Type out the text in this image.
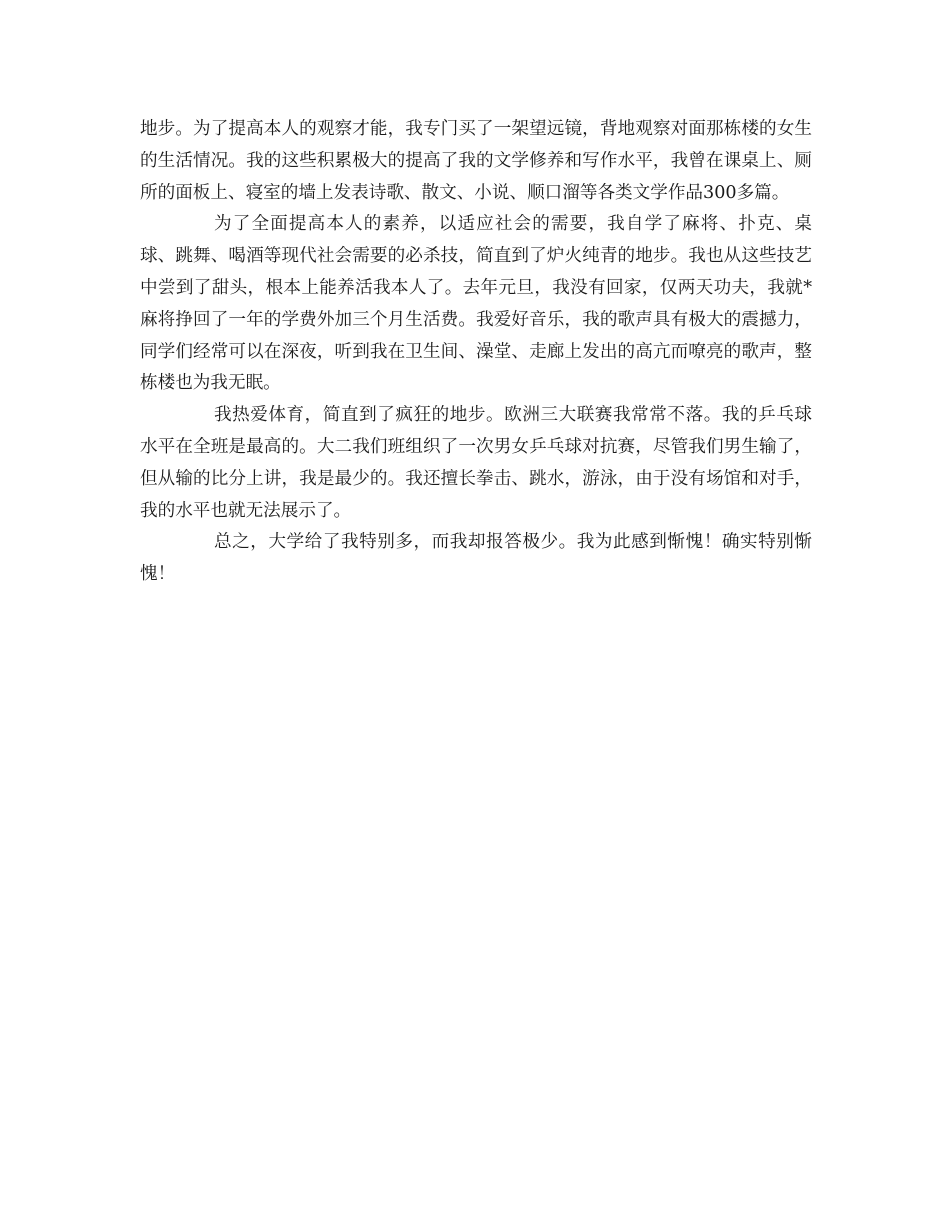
地步。为了提高本人的观察才能，我专门买了一架望远镜，背地观察对面那栋楼的女生的生活情况。我的这些积累极大的提高了我的文学修养和写作水平，我曾在课桌上、厕所的面板上、寝室的墙上发表诗歌、散文、小说、顺口溜等各类文学作品300多篇。

为了全面提高本人的素养，以适应社会的需要，我自学了麻将、扑克、桌球、跳舞、喝酒等现代社会需要的必杀技，简直到了炉火纯青的地步。我也从这些技艺中尝到了甜头，根本上能养活我本人了。去年元旦，我没有回家，仅两天功夫，我就*麻将挣回了一年的学费外加三个月生活费。我爱好音乐，我的歌声具有极大的震撼力，同学们经常可以在深夜，听到我在卫生间、澡堂、走廊上发出的高亢而嘹亮的歌声，整栋楼也为我无眠。

我热爱体育，简直到了疯狂的地步。欧洲三大联赛我常常不落。我的乒乓球水平在全班是最高的。大二我们班组织了一次男女乒乓球对抗赛，尽管我们男生输了，但从输的比分上讲，我是最少的。我还擅长拳击、跳水，游泳，由于没有场馆和对手，我的水平也就无法展示了。

总之，大学给了我特别多，而我却报答极少。我为此感到惭愧！确实特别惭愧！
